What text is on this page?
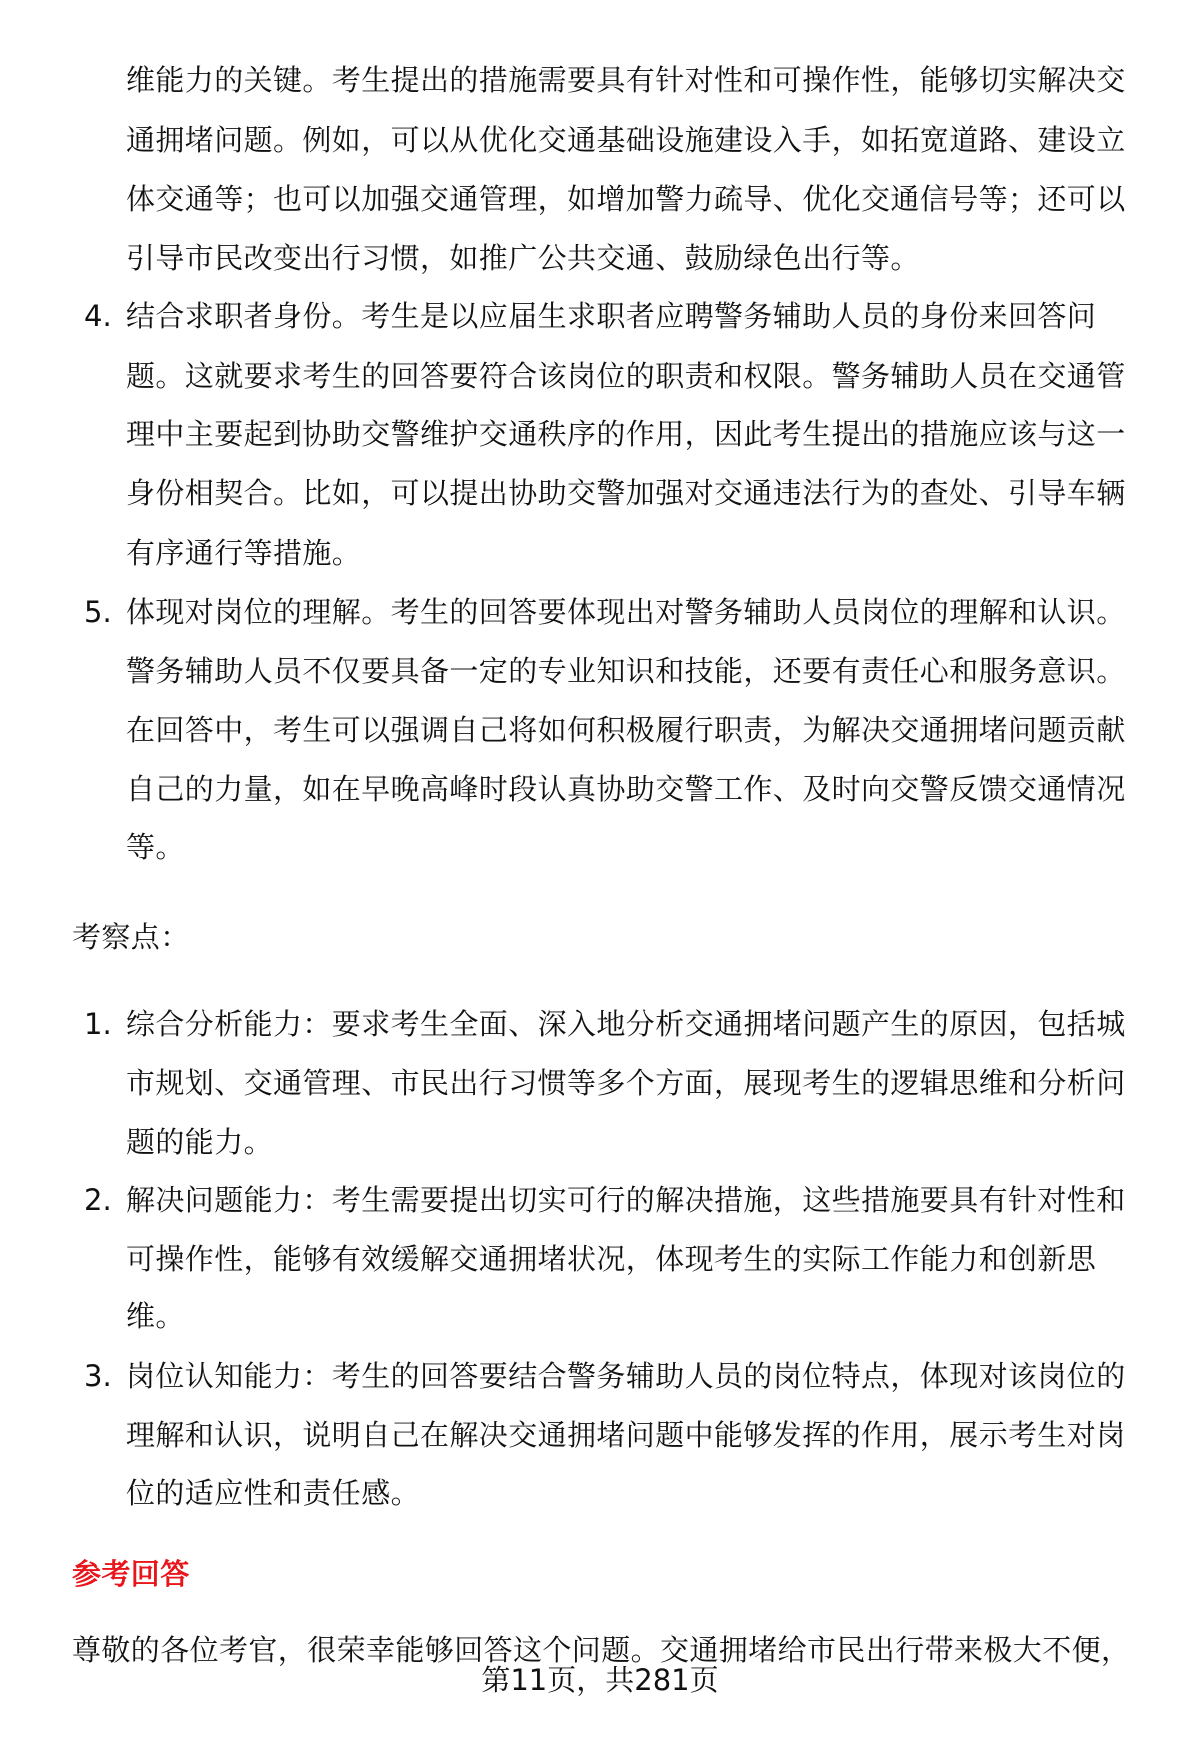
维能力的关键。考生提出的措施需要具有针对性和可操作性，能够切实解决交
通拥堵问题。例如，可以从优化交通基础设施建设入手，如拓宽道路、建设立
体交通等；也可以加强交通管理，如增加警力疏导、优化交通信号等；还可以
引导市民改变出行习惯，如推广公共交通、鼓励绿色出行等。
4. 结合求职者身份。考生是以应届生求职者应聘警务辅助人员的身份来回答问
题。这就要求考生的回答要符合该岗位的职责和权限。警务辅助人员在交通管
理中主要起到协助交警维护交通秩序的作用，因此考生提出的措施应该与这一
身份相契合。比如，可以提出协助交警加强对交通违法行为的查处、引导车辆
有序通行等措施。
5. 体现对岗位的理解。考生的回答要体现出对警务辅助人员岗位的理解和认识。
警务辅助人员不仅要具备一定的专业知识和技能，还要有责任心和服务意识。
在回答中，考生可以强调自己将如何积极履行职责，为解决交通拥堵问题贡献
自己的力量，如在早晚高峰时段认真协助交警工作、及时向交警反馈交通情况
等。
考察点：
1. 综合分析能力：要求考生全面、深入地分析交通拥堵问题产生的原因，包括城
市规划、交通管理、市民出行习惯等多个方面，展现考生的逻辑思维和分析问
题的能力。
2. 解决问题能力：考生需要提出切实可行的解决措施，这些措施要具有针对性和
可操作性，能够有效缓解交通拥堵状况，体现考生的实际工作能力和创新思
维。
3. 岗位认知能力：考生的回答要结合警务辅助人员的岗位特点，体现对该岗位的
理解和认识，说明自己在解决交通拥堵问题中能够发挥的作用，展示考生对岗
位的适应性和责任感。
参考回答
尊敬的各位考官，很荣幸能够回答这个问题。交通拥堵给市民出行带来极大不便，
第11页，共281页
